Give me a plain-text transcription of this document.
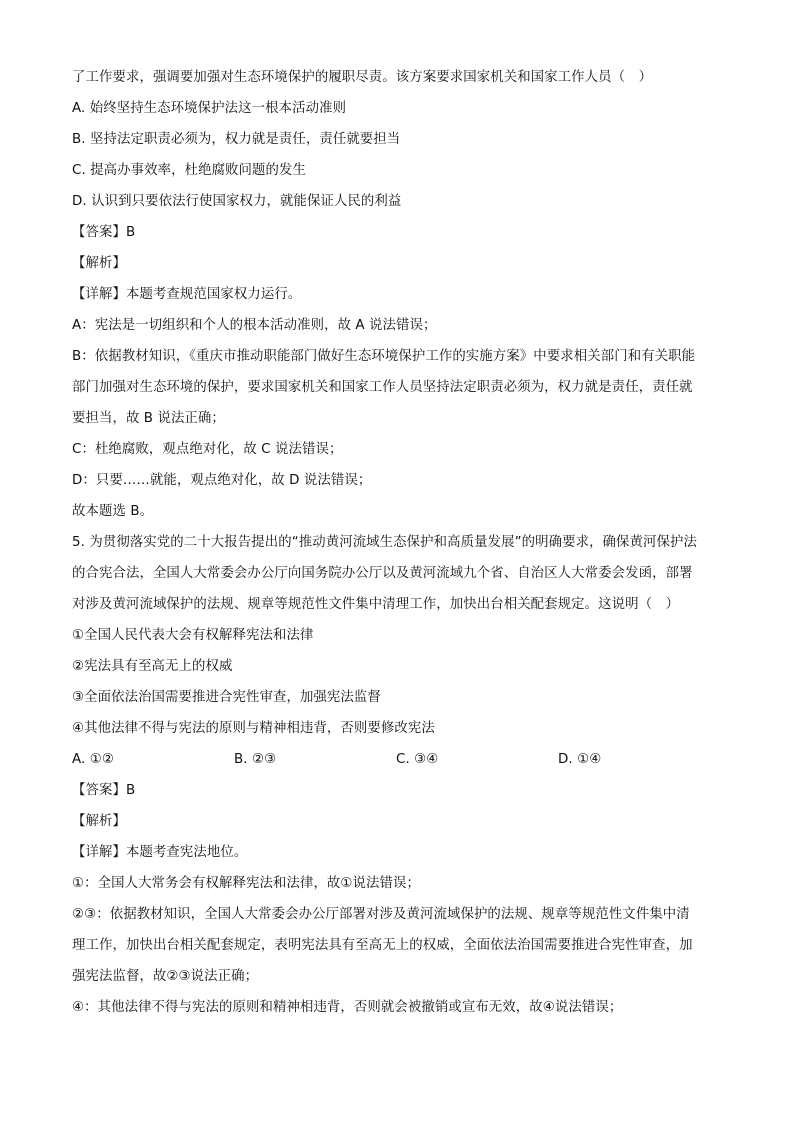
了工作要求，强调要加强对生态环境保护的履职尽责。该方案要求国家机关和国家工作人员（　）
A. 始终坚持生态环境保护法这一根本活动准则
B. 坚持法定职责必须为，权力就是责任，责任就要担当
C. 提高办事效率，杜绝腐败问题的发生
D. 认识到只要依法行使国家权力，就能保证人民的利益
【答案】B
【解析】
【详解】本题考查规范国家权力运行。
A：宪法是一切组织和个人的根本活动准则，故 A 说法错误；
B：依据教材知识，《重庆市推动职能部门做好生态环境保护工作的实施方案》中要求相关部门和有关职能
部门加强对生态环境的保护，要求国家机关和国家工作人员坚持法定职责必须为，权力就是责任，责任就
要担当，故 B 说法正确；
C：杜绝腐败，观点绝对化，故 C 说法错误；
D：只要……就能，观点绝对化，故 D 说法错误；
故本题选 B。
5. 为贯彻落实党的二十大报告提出的“推动黄河流域生态保护和高质量发展”的明确要求，确保黄河保护法
的合宪合法，全国人大常委会办公厅向国务院办公厅以及黄河流域九个省、自治区人大常委会发函，部署
对涉及黄河流域保护的法规、规章等规范性文件集中清理工作，加快出台相关配套规定。这说明（　）
①全国人民代表大会有权解释宪法和法律
②宪法具有至高无上的权威
③全面依法治国需要推进合宪性审查，加强宪法监督
④其他法律不得与宪法的原则与精神相违背，否则要修改宪法
A. ①②	B. ②③	C. ③④	D. ①④
【答案】B
【解析】
【详解】本题考查宪法地位。
①：全国人大常务会有权解释宪法和法律，故①说法错误；
②③：依据教材知识，全国人大常委会办公厅部署对涉及黄河流域保护的法规、规章等规范性文件集中清
理工作，加快出台相关配套规定，表明宪法具有至高无上的权威，全面依法治国需要推进合宪性审查，加
强宪法监督，故②③说法正确；
④：其他法律不得与宪法的原则和精神相违背，否则就会被撤销或宣布无效，故④说法错误；
